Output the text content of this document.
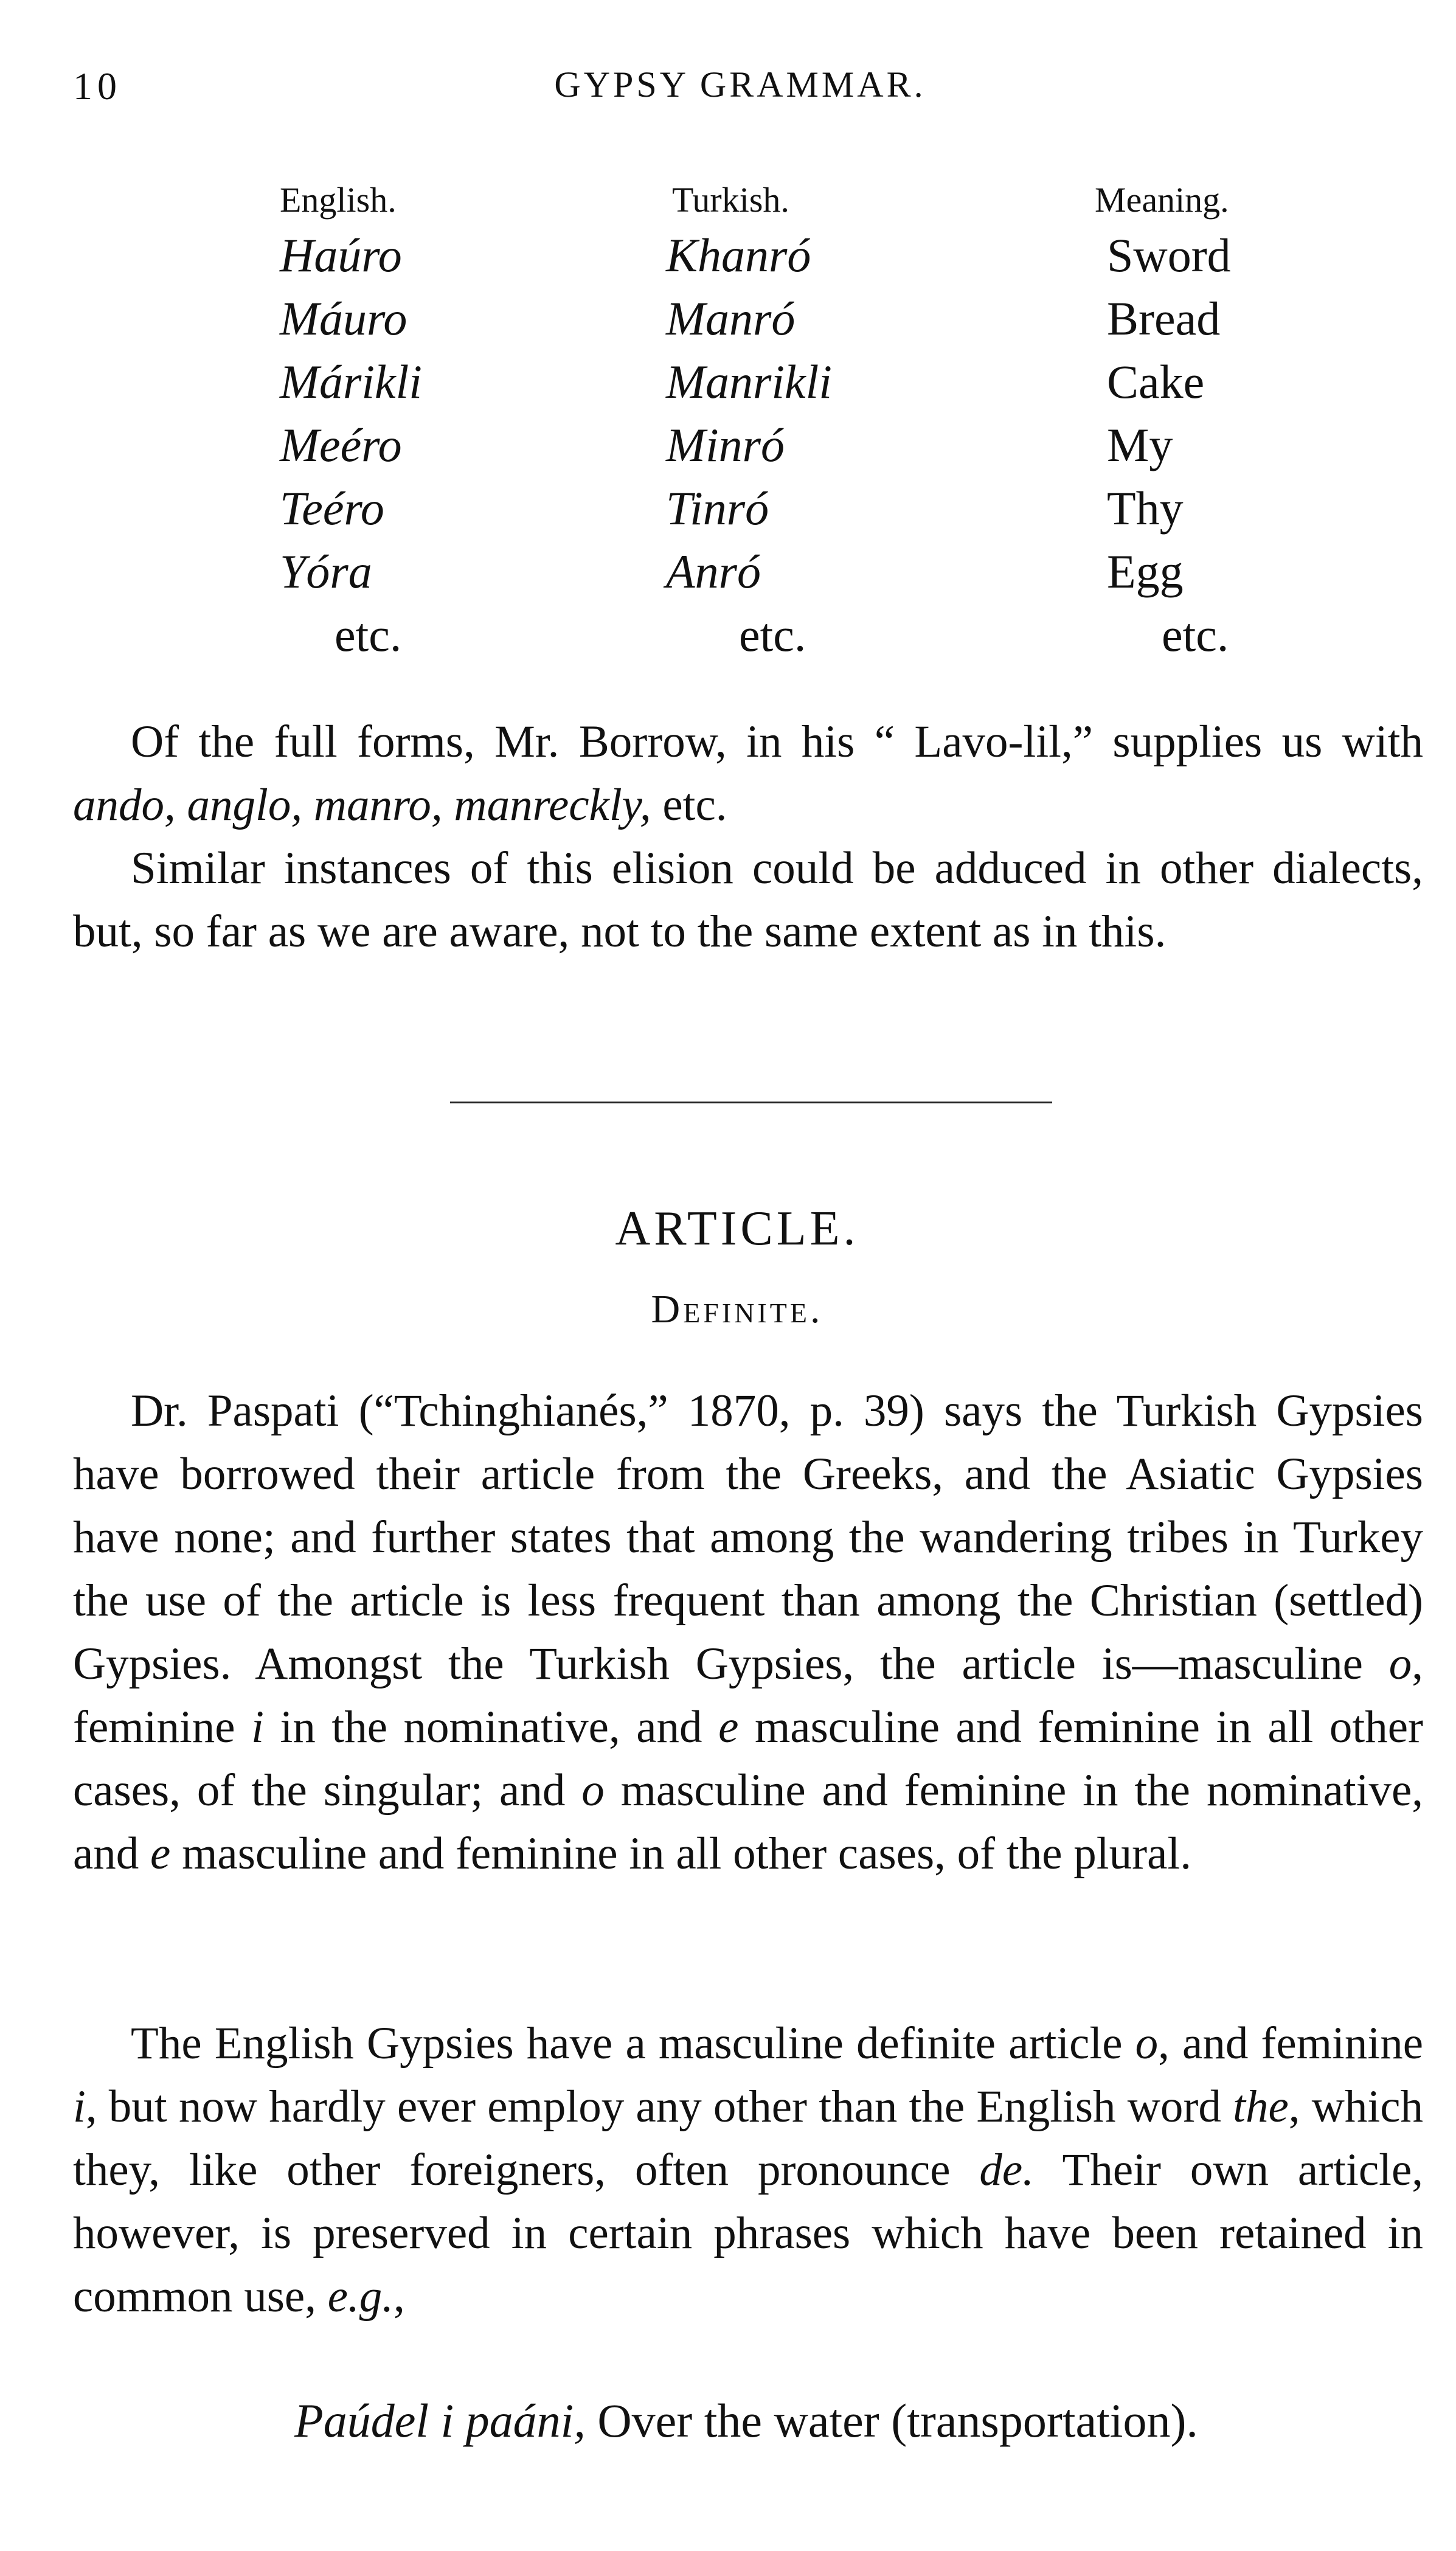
10	GYPSY GRAMMAR.
English.
Haúro
Máuro
Márikli
Meéro
Teéro
Yóra
etc.
Turkish.
Khanró
Manró
Manrikli
Minró
Tinró
Anró
etc.
Meaning.
Sword
Bread
Cake
My
Thy
Egg
etc.

Of the full forms, Mr. Borrow, in his “ Lavo-lil,” supplies us with ando, anglo, manro, manreckly, etc.

Similar instances of this elision could be adduced in other dialects, but, so far as we are aware, not to the same extent as in this.

ARTICLE.
Definite.

Dr. Paspati (“Tchinghianés,” 1870, p. 39) says the Turkish Gypsies have borrowed their article from the Greeks, and the Asiatic Gypsies have none; and further states that among the wandering tribes in Turkey the use of the article is less frequent than among the Christian (settled) Gypsies. Amongst the Turkish Gypsies, the article is—masculine o, feminine i in the nominative, and e masculine and feminine in all other cases, of the singular; and o masculine and feminine in the nominative, and e masculine and feminine in all other cases, of the plural.

The English Gypsies have a masculine definite article o, and feminine i, but now hardly ever employ any other than the English word the, which they, like other foreigners, often pronounce de. Their own article, however, is preserved in certain phrases which have been retained in common use, e.g.,

Paúdel i paáni, Over the water (transportation).
